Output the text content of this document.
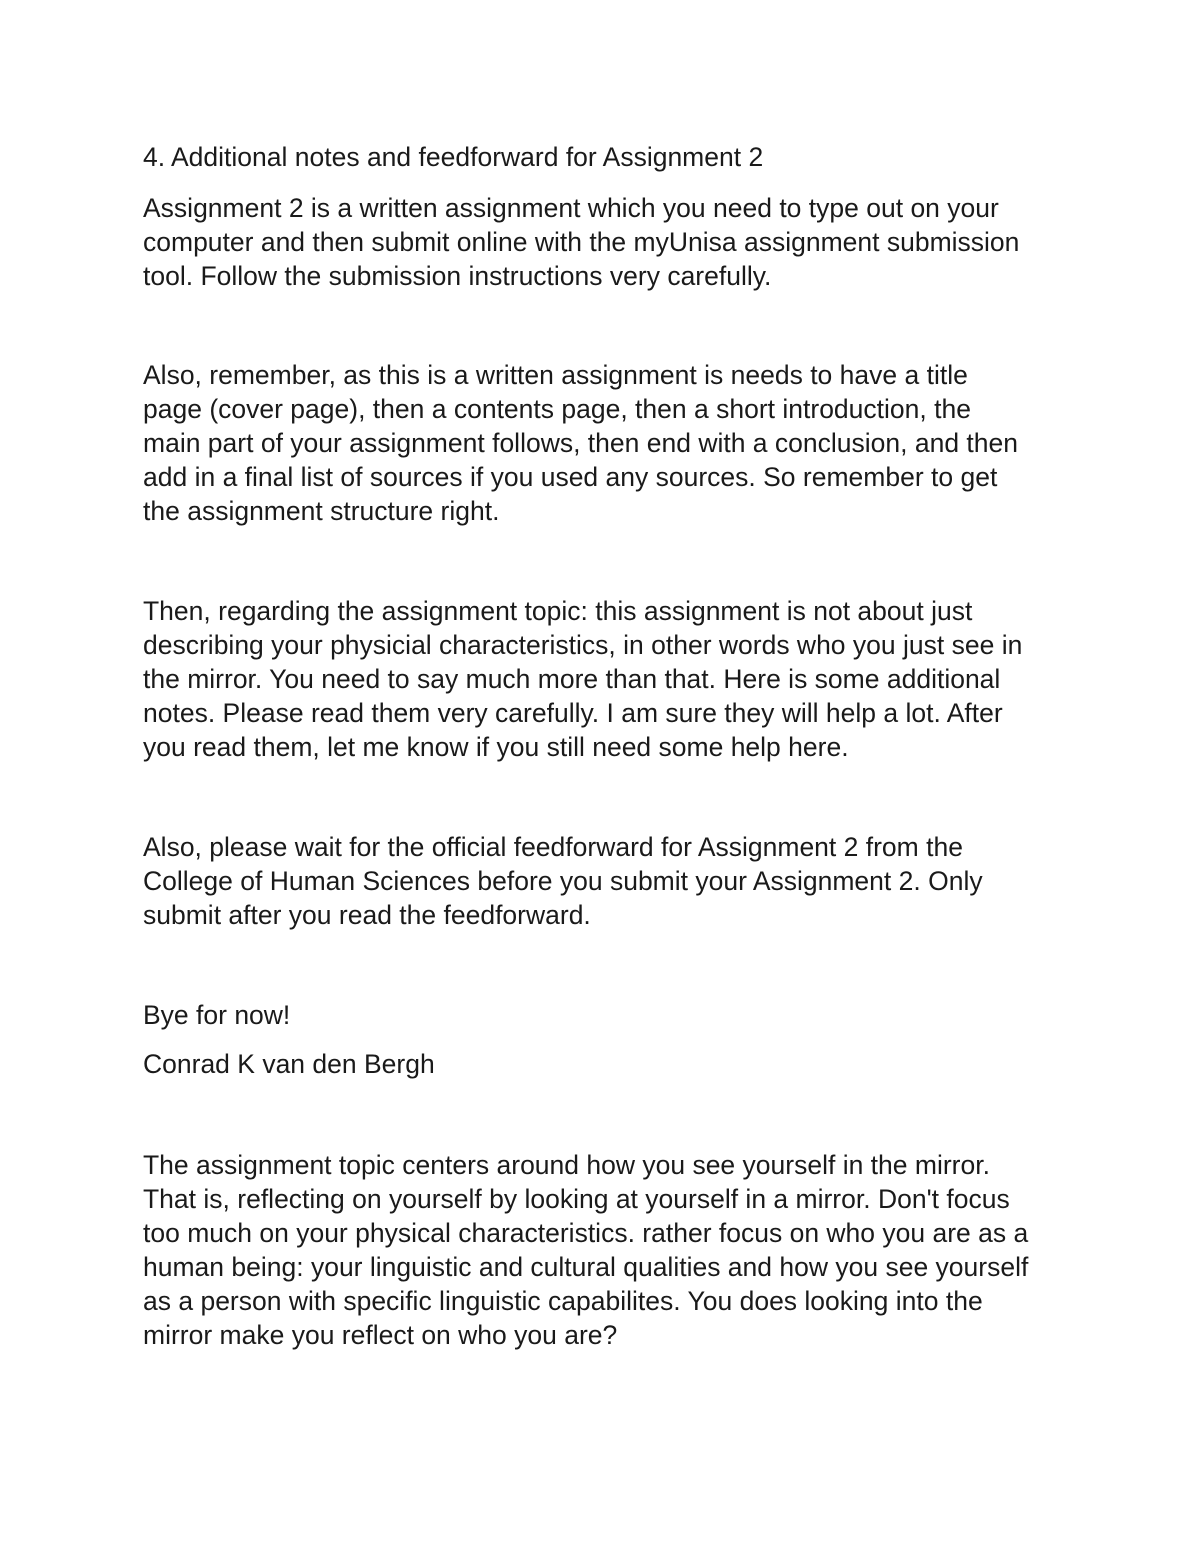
4. Additional notes and feedforward for Assignment 2

Assignment 2 is a written assignment which you need to type out on your
computer and then submit online with the myUnisa assignment submission
tool. Follow the submission instructions very carefully.

Also, remember, as this is a written assignment is needs to have a title
page (cover page), then a contents page, then a short introduction, the
main part of your assignment follows, then end with a conclusion, and then
add in a final list of sources if you used any sources. So remember to get
the assignment structure right.

Then, regarding the assignment topic: this assignment is not about just
describing your physicial characteristics, in other words who you just see in
the mirror. You need to say much more than that. Here is some additional
notes. Please read them very carefully. I am sure they will help a lot. After
you read them, let me know if you still need some help here.

Also, please wait for the official feedforward for Assignment 2 from the
College of Human Sciences before you submit your Assignment 2. Only
submit after you read the feedforward.

Bye for now!

Conrad K van den Bergh

The assignment topic centers around how you see yourself in the mirror.
That is, reflecting on yourself by looking at yourself in a mirror. Don't focus
too much on your physical characteristics. rather focus on who you are as a
human being: your linguistic and cultural qualities and how you see yourself
as a person with specific linguistic capabilites. You does looking into the
mirror make you reflect on who you are?
